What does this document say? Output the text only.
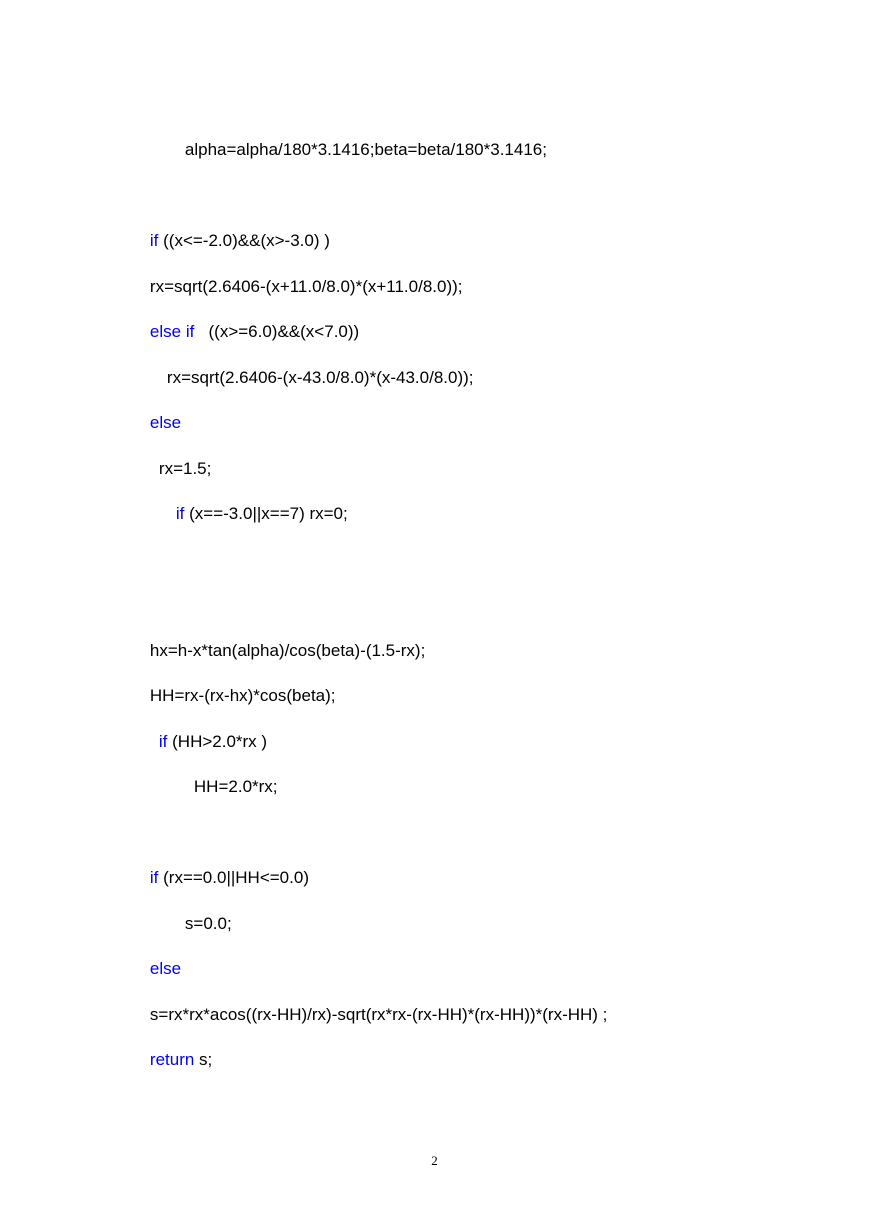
alpha=alpha/180*3.1416;beta=beta/180*3.1416;

if ((x<=-2.0)&&(x>-3.0) )

rx=sqrt(2.6406-(x+11.0/8.0)*(x+11.0/8.0));

else if   ((x>=6.0)&&(x<7.0))

rx=sqrt(2.6406-(x-43.0/8.0)*(x-43.0/8.0));

else

rx=1.5;

if (x==-3.0||x==7) rx=0;

hx=h-x*tan(alpha)/cos(beta)-(1.5-rx);

HH=rx-(rx-hx)*cos(beta);

if (HH>2.0*rx )

HH=2.0*rx;

if (rx==0.0||HH<=0.0)

s=0.0;

else

s=rx*rx*acos((rx-HH)/rx)-sqrt(rx*rx-(rx-HH)*(rx-HH))*(rx-HH) ;

return s;

2
